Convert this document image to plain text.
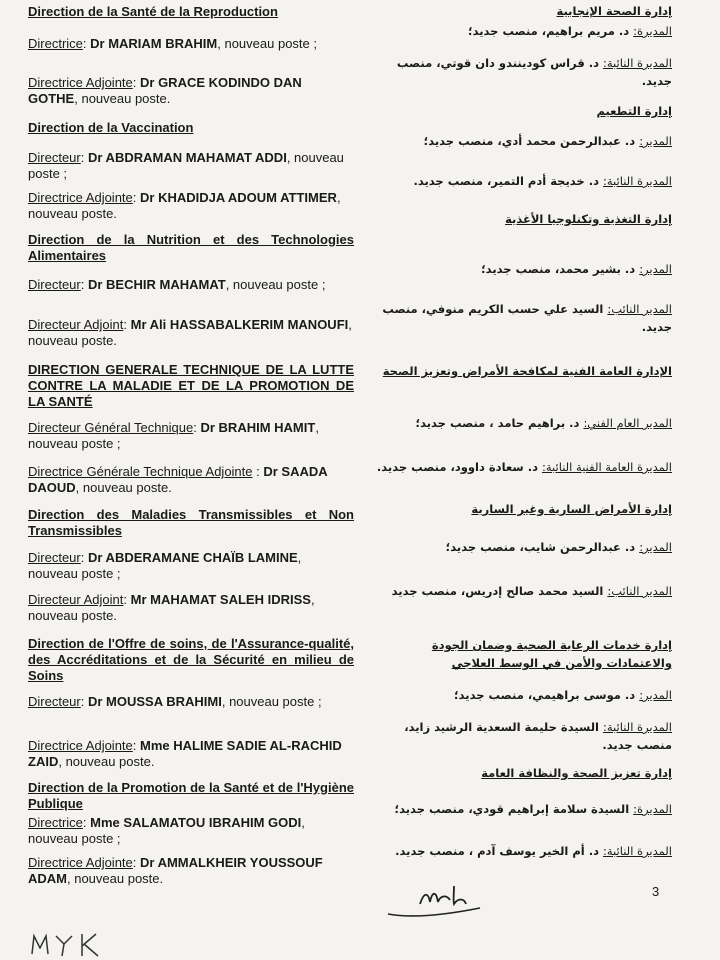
Direction de la Santé de la Reproduction
Directrice: Dr MARIAM BRAHIM, nouveau poste ;
Directrice Adjointe: Dr GRACE KODINDO DAN GOTHE, nouveau poste.
Direction de la Vaccination
Directeur: Dr ABDRAMAN MAHAMAT ADDI, nouveau poste ;
Directrice Adjointe: Dr KHADIDJA ADOUM ATTIMER, nouveau poste.
Direction de la Nutrition et des Technologies Alimentaires
Directeur: Dr BECHIR MAHAMAT, nouveau poste ;
Directeur Adjoint: Mr Ali HASSABALKERIM MANOUFI, nouveau poste.
DIRECTION GENERALE TECHNIQUE DE LA LUTTE CONTRE LA MALADIE ET DE LA PROMOTION DE LA SANTÉ
Directeur Général Technique: Dr BRAHIM HAMIT, nouveau poste ;
Directrice Générale Technique Adjointe : Dr SAADA DAOUD, nouveau poste.
Direction des Maladies Transmissibles et Non Transmissibles
Directeur: Dr ABDERAMANE CHAÏB LAMINE, nouveau poste ;
Directeur Adjoint: Mr MAHAMAT SALEH IDRISS, nouveau poste.
Direction de l'Offre de soins, de l'Assurance-qualité, des Accréditations et de la Sécurité en milieu de Soins
Directeur: Dr MOUSSA BRAHIMI, nouveau poste ;
Directrice Adjointe: Mme HALIME SADIE AL-RACHID ZAID, nouveau poste.
Direction de la Promotion de la Santé et de l'Hygiène Publique
Directrice: Mme SALAMATOU IBRAHIM GODI, nouveau poste ;
Directrice Adjointe: Dr AMMALKHEIR YOUSSOUF ADAM, nouveau poste.
إدارة الصحة الإنجابية
المديرة: د. مريم براهيم، منصب جديد؛
المديرة النائبة: د. قراس كودينندو دان قوتي، منصب جديد.
إدارة التطعيم
المدير: د. عبدالرحمن محمد أدي، منصب جديد؛
المديرة النائبة: د. خديجة أدم التمير، منصب جديد.
إدارة التغذية وتكنلوجيا الأغذية
المدير: د. بشير محمد، منصب جديد؛
المدير النائب: السيد علي حسب الكريم منوفي، منصب جديد.
الإدارة العامة الفنية لمكافحة الأمراض وتعزيز الصحة
المدير العام الفني: د. براهيم حامد ، منصب جديد؛
المديرة العامة الفنية النائبة: د. سعادة داوود، منصب جديد.
إدارة الأمراض السارية وغير السارية
المدير: د. عبدالرحمن شايب، منصب جديد؛
المدير النائب: السيد محمد صالح إدريس، منصب جديد
إدارة خدمات الرعاية الصحية وضمان الجودة والاعتمادات والأمن في الوسط العلاجي
المدير: د. موسى براهيمي، منصب جديد؛
المديرة النائبة: السيدة حليمة السعدية الرشيد زايد، منصب جديد.
إدارة تعزيز الصحة والنظافة العامة
المديرة: السيدة سلامة إبراهيم قودي، منصب جديد؛
المديرة النائبة: د. أم الخير يوسف آدم ، منصب جديد.
3
